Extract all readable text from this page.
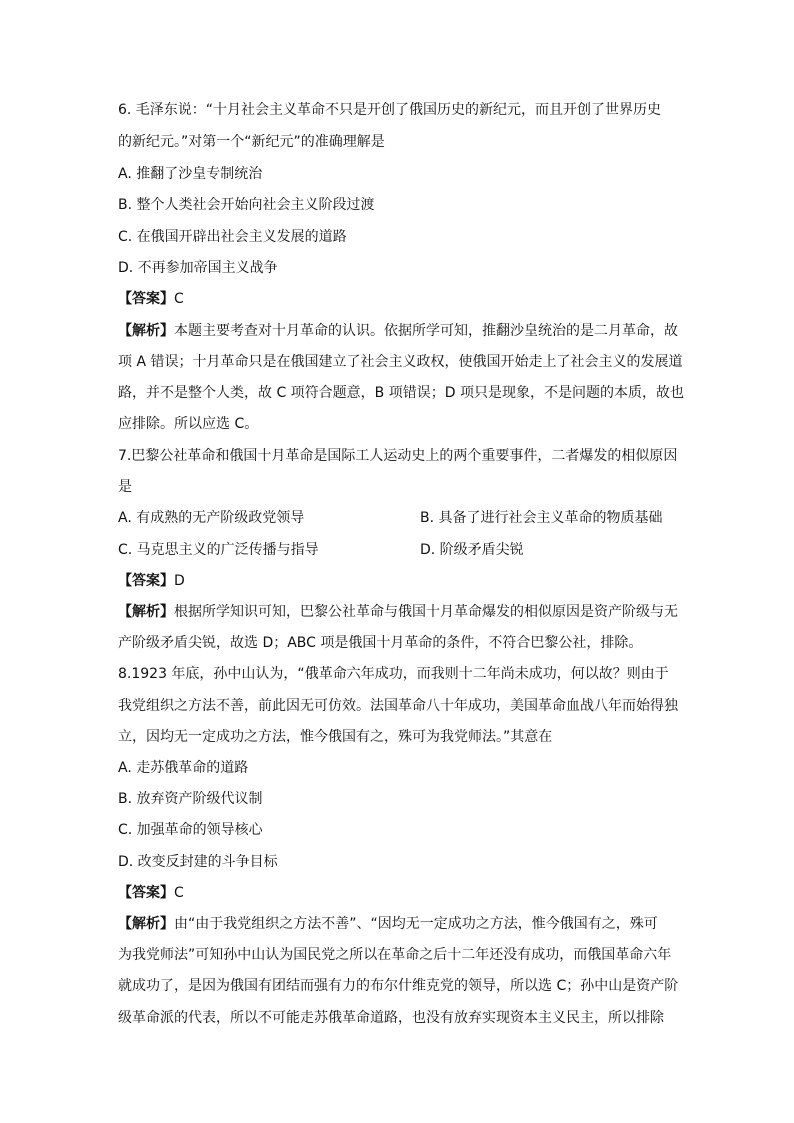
6. 毛泽东说：“十月社会主义革命不只是开创了俄国历史的新纪元，而且开创了世界历史
的新纪元。”对第一个“新纪元”的准确理解是
A. 推翻了沙皇专制统治
B. 整个人类社会开始向社会主义阶段过渡
C. 在俄国开辟出社会主义发展的道路
D. 不再参加帝国主义战争
【答案】C
【解析】本题主要考查对十月革命的认识。依据所学可知，推翻沙皇统治的是二月革命，故
项 A 错误；十月革命只是在俄国建立了社会主义政权，使俄国开始走上了社会主义的发展道
路，并不是整个人类，故 C 项符合题意，B 项错误；D 项只是现象，不是问题的本质，故也
应排除。所以应选 C。
7.巴黎公社革命和俄国十月革命是国际工人运动史上的两个重要事件，二者爆发的相似原因
是
A. 有成熟的无产阶级政党领导	B. 具备了进行社会主义革命的物质基础
C. 马克思主义的广泛传播与指导	D. 阶级矛盾尖锐
【答案】D
【解析】根据所学知识可知，巴黎公社革命与俄国十月革命爆发的相似原因是资产阶级与无
产阶级矛盾尖锐，故选 D；ABC 项是俄国十月革命的条件，不符合巴黎公社，排除。
8.1923 年底，孙中山认为，“俄革命六年成功，而我则十二年尚未成功，何以故？则由于
我党组织之方法不善，前此因无可仿效。法国革命八十年成功，美国革命血战八年而始得独
立，因均无一定成功之方法，惟今俄国有之，殊可为我党师法。”其意在
A. 走苏俄革命的道路
B. 放弃资产阶级代议制
C. 加强革命的领导核心
D. 改变反封建的斗争目标
【答案】C
【解析】由“由于我党组织之方法不善”、“因均无一定成功之方法，惟今俄国有之，殊可
为我党师法”可知孙中山认为国民党之所以在革命之后十二年还没有成功，而俄国革命六年
就成功了，是因为俄国有团结而强有力的布尔什维克党的领导，所以选 C；孙中山是资产阶
级革命派的代表，所以不可能走苏俄革命道路，也没有放弃实现资本主义民主，所以排除
